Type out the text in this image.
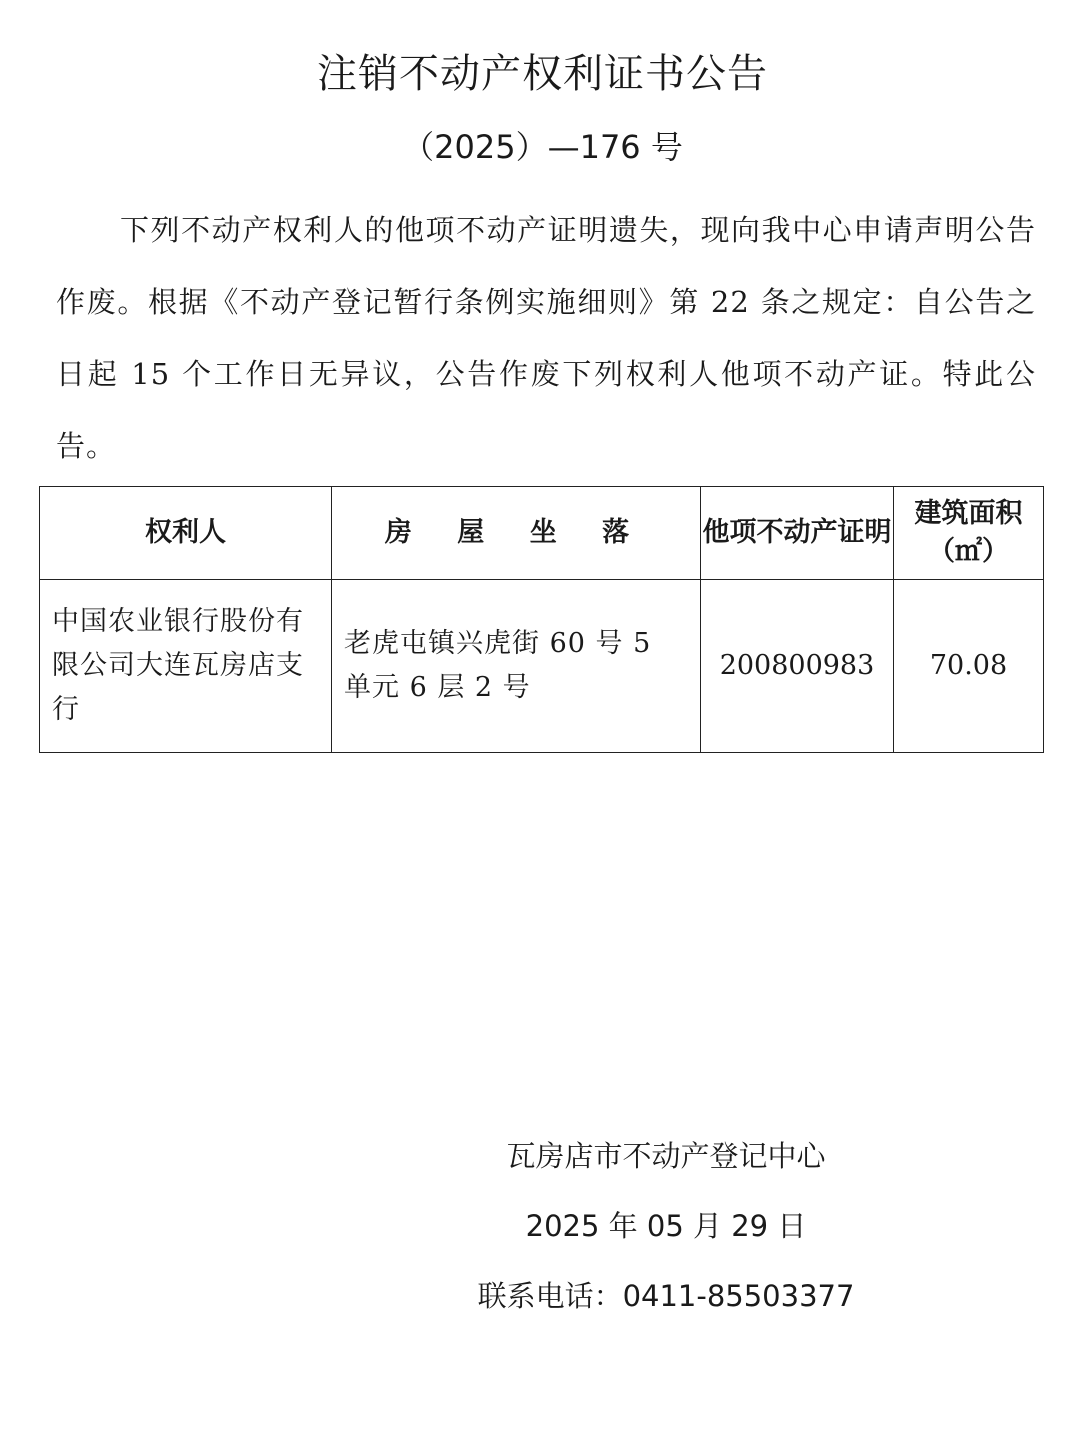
注销不动产权利证书公告
（2025）—176 号

下列不动产权利人的他项不动产证明遗失，现向我中心申请声明公告作废。根据《不动产登记暂行条例实施细则》第 22 条之规定：自公告之日起 15 个工作日无异议，公告作废下列权利人他项不动产证。特此公告。

权利人	房 屋 坐 落	他项不动产证明	建筑面积（㎡）
中国农业银行股份有限公司大连瓦房店支行	老虎屯镇兴虎街 60 号 5 单元 6 层 2 号	200800983	70.08
瓦房店市不动产登记中心
2025 年 05 月 29 日
联系电话：0411-85503377
